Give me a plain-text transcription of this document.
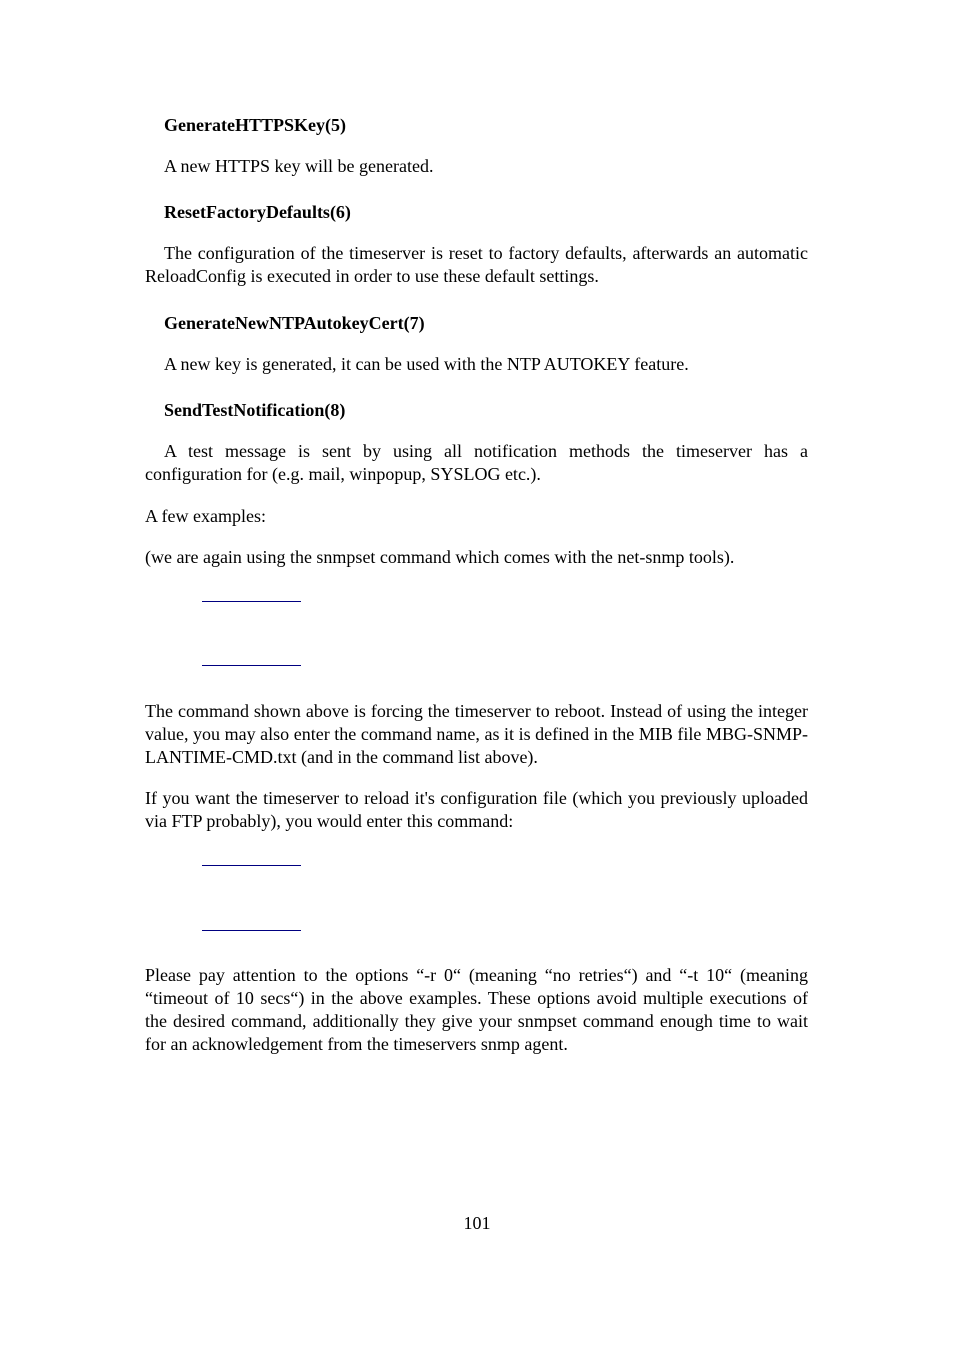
GenerateHTTPSKey(5)

A new HTTPS key will be generated.

ResetFactoryDefaults(6)

The configuration of the timeserver is reset to factory defaults, afterwards an automatic ReloadConfig is executed in order to use these default settings.

GenerateNewNTPAutokeyCert(7)

A new key is generated, it can be used with the NTP AUTOKEY feature.

SendTestNotification(8)

A test message is sent by using all notification methods the timeserver has a configuration for (e.g. mail, winpopup, SYSLOG etc.).

A few examples:

(we are again using the snmpset command which comes with the net-snmp tools).

The command shown above is forcing the timeserver to reboot. Instead of using the integer value, you may also enter the command name, as it is defined in the MIB file MBG-SNMP-LANTIME-CMD.txt (and in the command list above).

If you want the timeserver to reload it's configuration file (which you previously uploaded via FTP probably), you would enter this command:

Please pay attention to the options “-r 0“ (meaning “no retries“) and “-t 10“ (meaning “timeout of 10 secs“) in the above examples. These options avoid multiple executions of the desired command, additionally they give your snmpset command enough time to wait for an acknowledgement from the timeservers snmp agent.

101
